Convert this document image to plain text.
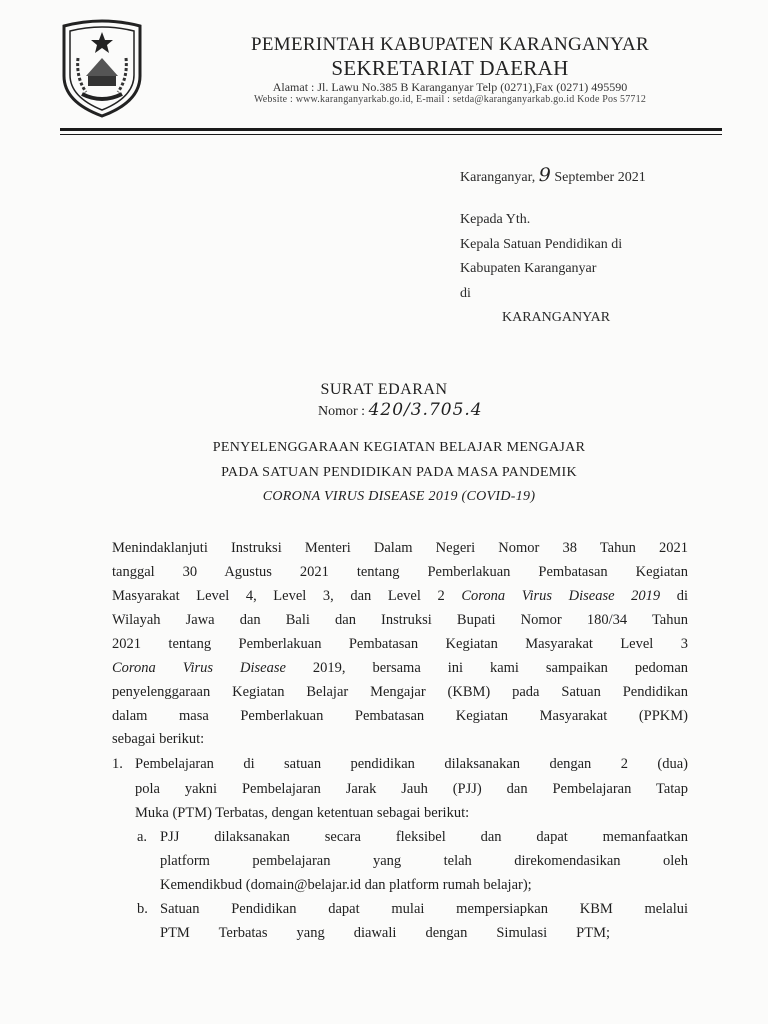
PEMERINTAH KABUPATEN KARANGANYAR
SEKRETARIAT DAERAH
Alamat : Jl. Lawu No.385 B Karanganyar Telp (0271),Fax (0271) 495590
Website : www.karanganyarkab.go.id, E-mail : setda@karanganyarkab.go.id Kode Pos 57712
Karanganyar, 9 September 2021
Kepada Yth.
Kepala Satuan Pendidikan di
Kabupaten Karanganyar
di
KARANGANYAR
SURAT EDARAN
Nomor : 420/3.705.4
PENYELENGGARAAN KEGIATAN BELAJAR MENGAJAR
PADA SATUAN PENDIDIKAN PADA MASA PANDEMIK
CORONA VIRUS DISEASE 2019 (COVID-19)
Menindaklanjuti Instruksi Menteri Dalam Negeri Nomor 38 Tahun 2021
tanggal 30 Agustus 2021 tentang Pemberlakuan Pembatasan Kegiatan
Masyarakat Level 4, Level 3, dan Level 2 Corona Virus Disease 2019 di
Wilayah Jawa dan Bali dan Instruksi Bupati Nomor 180/34 Tahun
2021 tentang Pemberlakuan Pembatasan Kegiatan Masyarakat Level 3
Corona Virus Disease 2019, bersama ini kami sampaikan pedoman
penyelenggaraan Kegiatan Belajar Mengajar (KBM) pada Satuan Pendidikan
dalam masa Pemberlakuan Pembatasan Kegiatan Masyarakat (PPKM)
sebagai berikut:
1. Pembelajaran di satuan pendidikan dilaksanakan dengan 2 (dua)
pola yakni Pembelajaran Jarak Jauh (PJJ) dan Pembelajaran Tatap
Muka (PTM) Terbatas, dengan ketentuan sebagai berikut:
a. PJJ dilaksanakan secara fleksibel dan dapat memanfaatkan
platform pembelajaran yang telah direkomendasikan oleh
Kemendikbud (domain@belajar.id dan platform rumah belajar);
b. Satuan Pendidikan dapat mulai mempersiapkan KBM melalui
PTM Terbatas yang diawali dengan Simulasi PTM;
